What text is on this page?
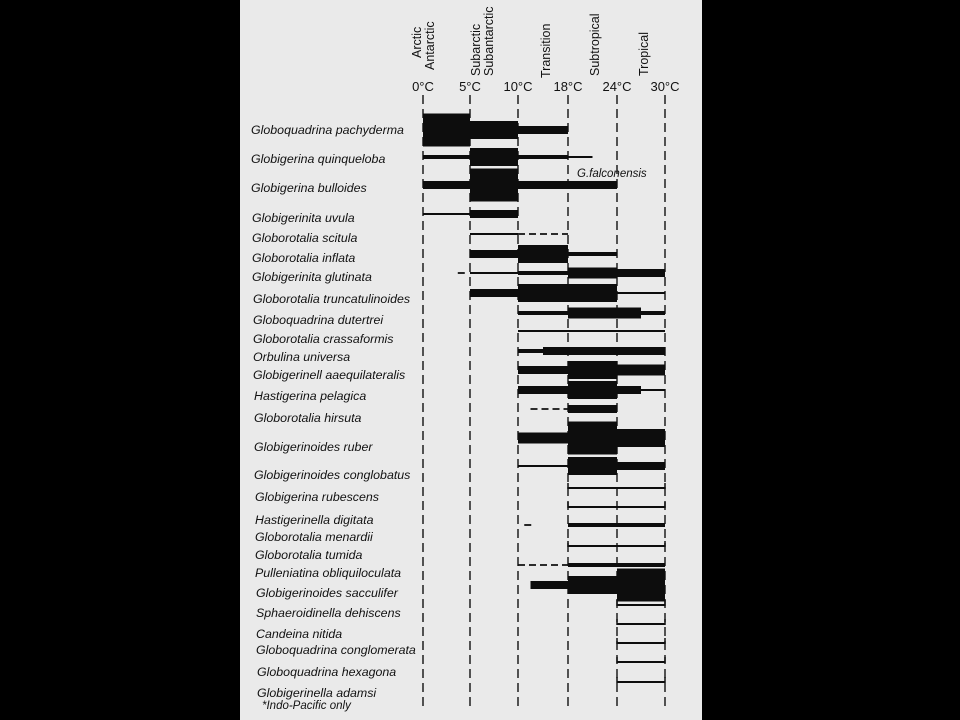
Arctic Antarctic	Subarctic Subantarctic	Transition	Subtropical	Tropical
0°C 5°C 10°C 18°C 24°C 30°C
Globoquadrina pachyderma
Globigerina quinqueloba
Globigerina bulloides
Globigerinita uvula
Globorotalia scitula
Globorotalia inflata
Globigerinita glutinata
Globorotalia truncatulinoides
Globoquadrina dutertrei
Globorotalia crassaformis
Orbulina universa
Globigerinell aaequilateralis
Hastigerina pelagica
Globorotalia hirsuta
Globigerinoides ruber
Globigerinoides conglobatus
Globigerina rubescens
Hastigerinella digitata
Globorotalia menardii
Globorotalia tumida
Pulleniatina obliquiloculata
Globigerinoides sacculifer
Sphaeroidinella dehiscens
Candeina nitida
Globoquadrina conglomerata
Globoquadrina hexagona
Globigerinella adamsi
G.falconensis
*Indo-Pacific only
